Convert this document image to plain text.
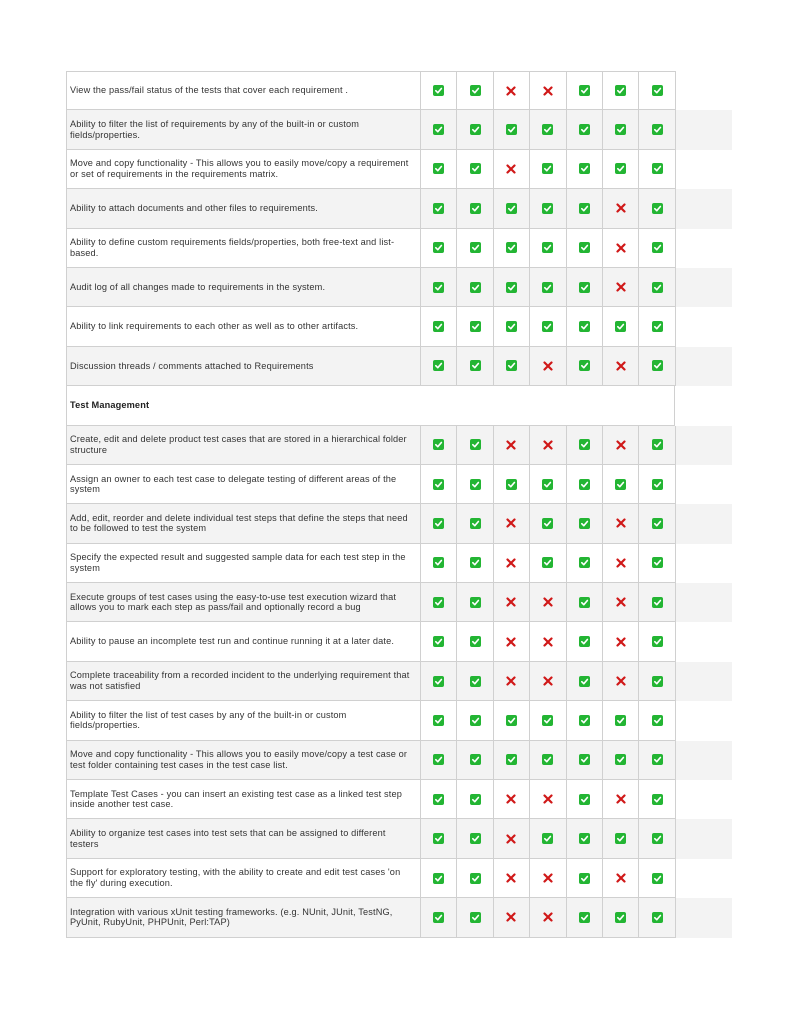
View the pass/fail status of the tests that cover each requirement .
Ability to filter the list of requirements by any of the built-in or custom fields/properties.
Move and copy functionality - This allows you to easily move/copy a requirement or set of requirements in the requirements matrix.
Ability to attach documents and other files to requirements.
Ability to define custom requirements fields/properties, both free-text and list-based.
Audit log of all changes made to requirements in the system.
Ability to link requirements to each other as well as to other artifacts.
Discussion threads / comments attached to Requirements
Test Management
Create, edit and delete product test cases that are stored in a hierarchical folder structure
Assign an owner to each test case to delegate testing of different areas of the system
Add, edit, reorder and delete individual test steps that define the steps that need to be followed to test the system
Specify the expected result and suggested sample data for each test step in the system
Execute groups of test cases using the easy-to-use test execution wizard that allows you to mark each step as pass/fail and optionally record a bug
Ability to pause an incomplete test run and continue running it at a later date.
Complete traceability from a recorded incident to the underlying requirement that was not satisfied
Ability to filter the list of test cases by any of the built-in or custom fields/properties.
Move and copy functionality - This allows you to easily move/copy a test case or test folder containing test cases in the test case list.
Template Test Cases - you can insert an existing test case as a linked test step inside another test case.
Ability to organize test cases into test sets that can be assigned to different testers
Support for exploratory testing, with the ability to create and edit test cases 'on the fly' during execution.
Integration with various xUnit testing frameworks. (e.g. NUnit, JUnit, TestNG, PyUnit, RubyUnit, PHPUnit, Perl:TAP)
